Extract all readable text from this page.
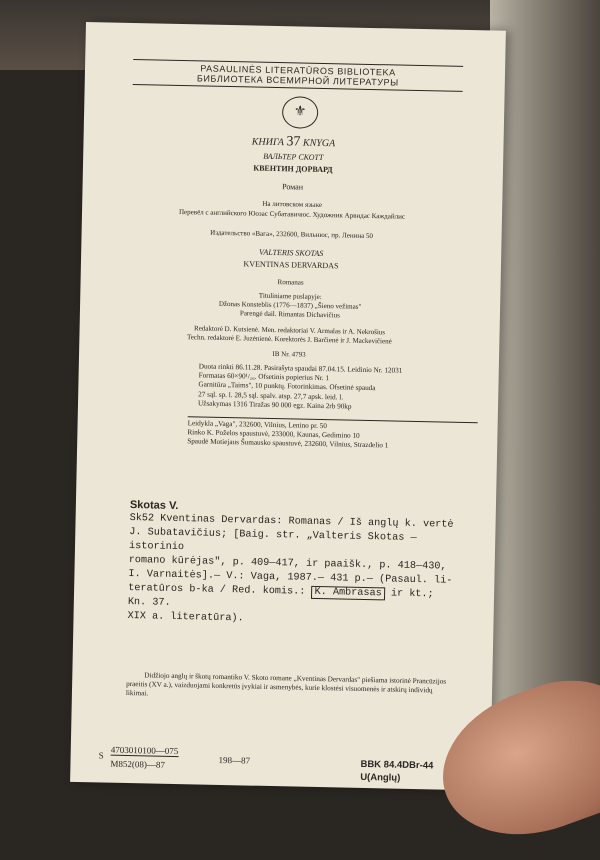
PASAULINĖS LITERATŪROS BIBLIOTEKA
БИБЛИОТЕКА ВСЕМИРНОЙ ЛИТЕРАТУРЫ
⚜
КНИГА 37 KNYGA
ВАЛЬТЕР СКОТТ
КВЕНТИН ДОРВАРД
Роман
На литовском языке
Перевёл с английского Юозас Субатавичюс. Художник Арвидас Каждайлис
Издательство «Вага», 232600, Вильнюс, пр. Ленина 50
VALTERIS SKOTAS
KVENTINAS DERVARDAS
Romanas
Tituliniame puslapyje:
Džonas Konsteblis (1776—1837) „Šieno vežimas"
Parengė dail. Rimantas Dichavičius
Redaktorė D. Kutsienė. Men. redaktoriai V. Armalas ir A. Nekrošius
Techn. redaktorė E. Juzėnienė. Korektorės J. Barčienė ir J. Mackevičienė
IB Nr. 4793
Duota rinkti 86.11.28. Pasirašyta spaudai 87.04.15. Leidinio Nr. 12031
Formatas 60×90¹/₁₆. Ofsetinis popierius Nr. 1
Garnitūra „Taims", 10 punktų. Fotorinkimas. Ofsetinė spauda
27 sąl. sp. l. 28,5 sąl. spalv. atsp. 27,7 apsk. leid. l.
Užsakymas 1316 Tiražas 90 000 egz. Kaina 2rb 90kp
Leidykla „Vaga", 232600, Vilnius, Lenino pr. 50
Rinko K. Poželos spaustuvė, 233000, Kaunas, Gedimino 10
Spaudė Motiejaus Šumausko spaustuvė, 232600, Vilnius, Strazdelio 1
Skotas V.
Sk52 Kventinas Dervardas: Romanas / Iš anglų k. vertė
J. Subatavičius; [Baig. str. „Valteris Skotas — istorinio
romano kūrėjas", p. 409—417, ir paaišk., p. 418—430,
I. Varnaitės].— V.: Vaga, 1987.— 431 p.— (Pasaul. li-
teratūros b-ka / Red. komis.: K. Ambrasas ir kt.; Kn. 37.
XIX a. literatūra).
Didžiojo anglų ir škotų romantiko V. Skoto romane „Kventinas Dervardas" piešiama istorinė Prancūzijos praeitis (XV a.), vaizduojami konkretūs įvykiai ir asmenybės, kurie klostėsi visuomenės ir atskirų individų likimai.
S 4703010100—075
M852(08)—87	198—87	BBK 84.4DBr-44
U(Anglų)
